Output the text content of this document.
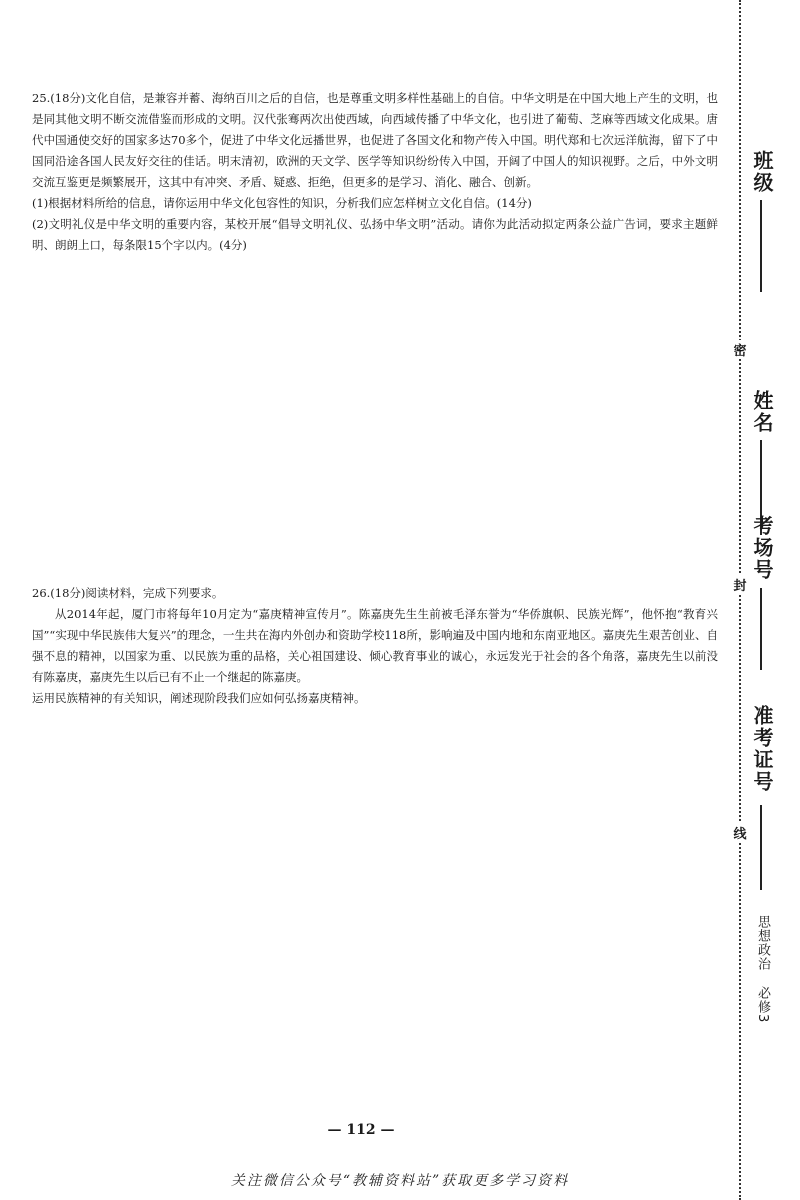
25.(18分)文化自信，是兼容并蓄、海纳百川之后的自信，也是尊重文明多样性基础上的自信。中华文明是在中国大地上产生的文明，也是同其他文明不断交流借鉴而形成的文明。汉代张骞两次出使西域，向西域传播了中华文化，也引进了葡萄、芝麻等西域文化成果。唐代中国通使交好的国家多达70多个，促进了中华文化远播世界，也促进了各国文化和物产传入中国。明代郑和七次远洋航海，留下了中国同沿途各国人民友好交往的佳话。明末清初，欧洲的天文学、医学等知识纷纷传入中国，开阔了中国人的知识视野。之后，中外文明交流互鉴更是频繁展开，这其中有冲突、矛盾、疑惑、拒绝，但更多的是学习、消化、融合、创新。

(1)根据材料所给的信息，请你运用中华文化包容性的知识，分析我们应怎样树立文化自信。(14分)

(2)文明礼仪是中华文明的重要内容，某校开展“倡导文明礼仪、弘扬中华文明”活动。请你为此活动拟定两条公益广告词，要求主题鲜明、朗朗上口，每条限15个字以内。(4分)

26.(18分)阅读材料，完成下列要求。

从2014年起，厦门市将每年10月定为“嘉庚精神宣传月”。陈嘉庚先生生前被毛泽东誉为“华侨旗帜、民族光辉”，他怀抱“教育兴国”“实现中华民族伟大复兴”的理念，一生共在海内外创办和资助学校118所，影响遍及中国内地和东南亚地区。嘉庚先生艰苦创业、自强不息的精神，以国家为重、以民族为重的品格，关心祖国建设、倾心教育事业的诚心，永远发光于社会的各个角落，嘉庚先生以前没有陈嘉庚，嘉庚先生以后已有不止一个继起的陈嘉庚。

运用民族精神的有关知识，阐述现阶段我们应如何弘扬嘉庚精神。

班级
姓名
考场号
准考证号
密
封
线
思想政治 必修3
— 112 —
关注微信公众号“教辅资料站”获取更多学习资料
